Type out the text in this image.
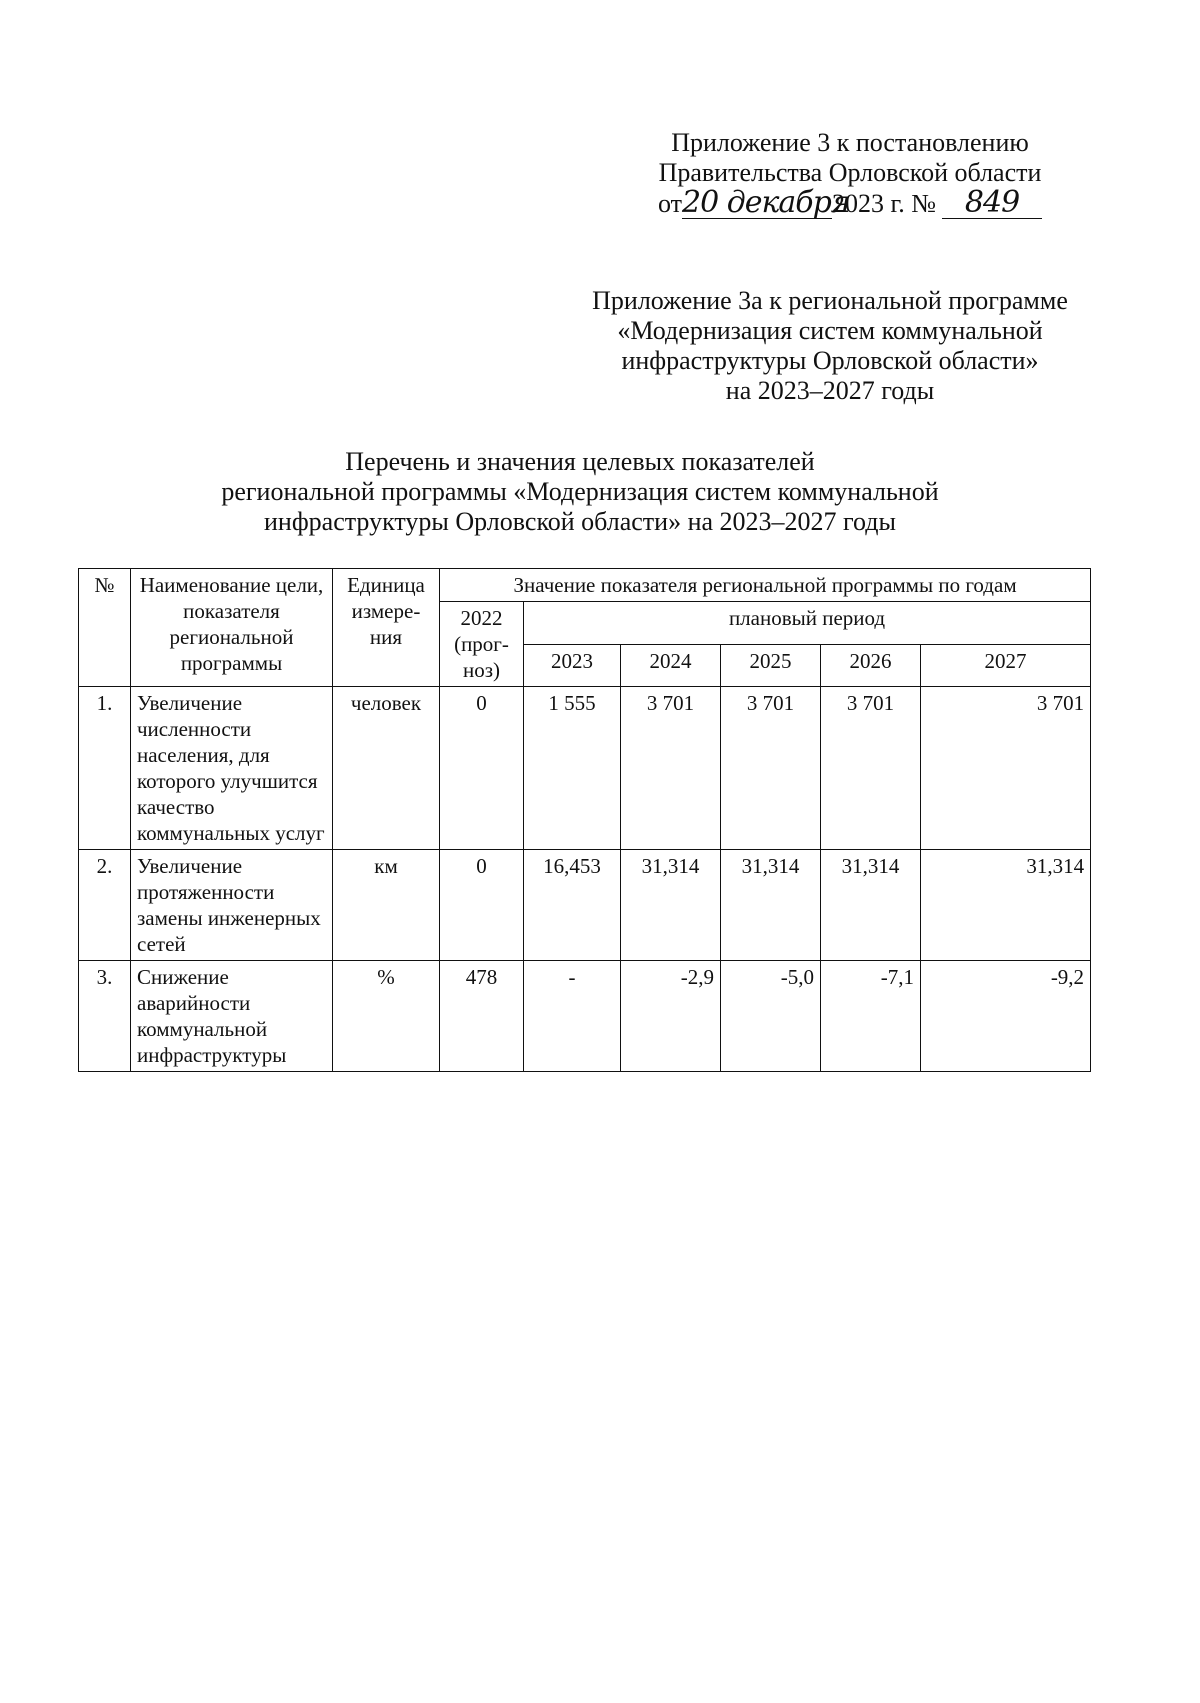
Приложение 3 к постановлению
Правительства Орловской области
от20 декабря2023 г. № 849
Приложение 3а к региональной программе
«Модернизация систем коммунальной
инфраструктуры Орловской области»
на 2023–2027 годы
Перечень и значения целевых показателей
региональной программы «Модернизация систем коммунальной
инфраструктуры Орловской области» на 2023–2027 годы
№	Наименование цели, показателя региональной программы	Единица измере-ния	Значение показателя региональной программы по годам					
			2022 (прог-ноз)	плановый период				
				2023	2024	2025	2026	2027
1.	Увеличение численности населения, для которого улучшится качество коммунальных услуг	человек	0	1 555	3 701	3 701	3 701	3 701
2.	Увеличение протяженности замены инженерных сетей	км	0	16,453	31,314	31,314	31,314	31,314
3.	Снижение аварийности коммунальной инфраструктуры	%	478	-	-2,9	-5,0	-7,1	-9,2
